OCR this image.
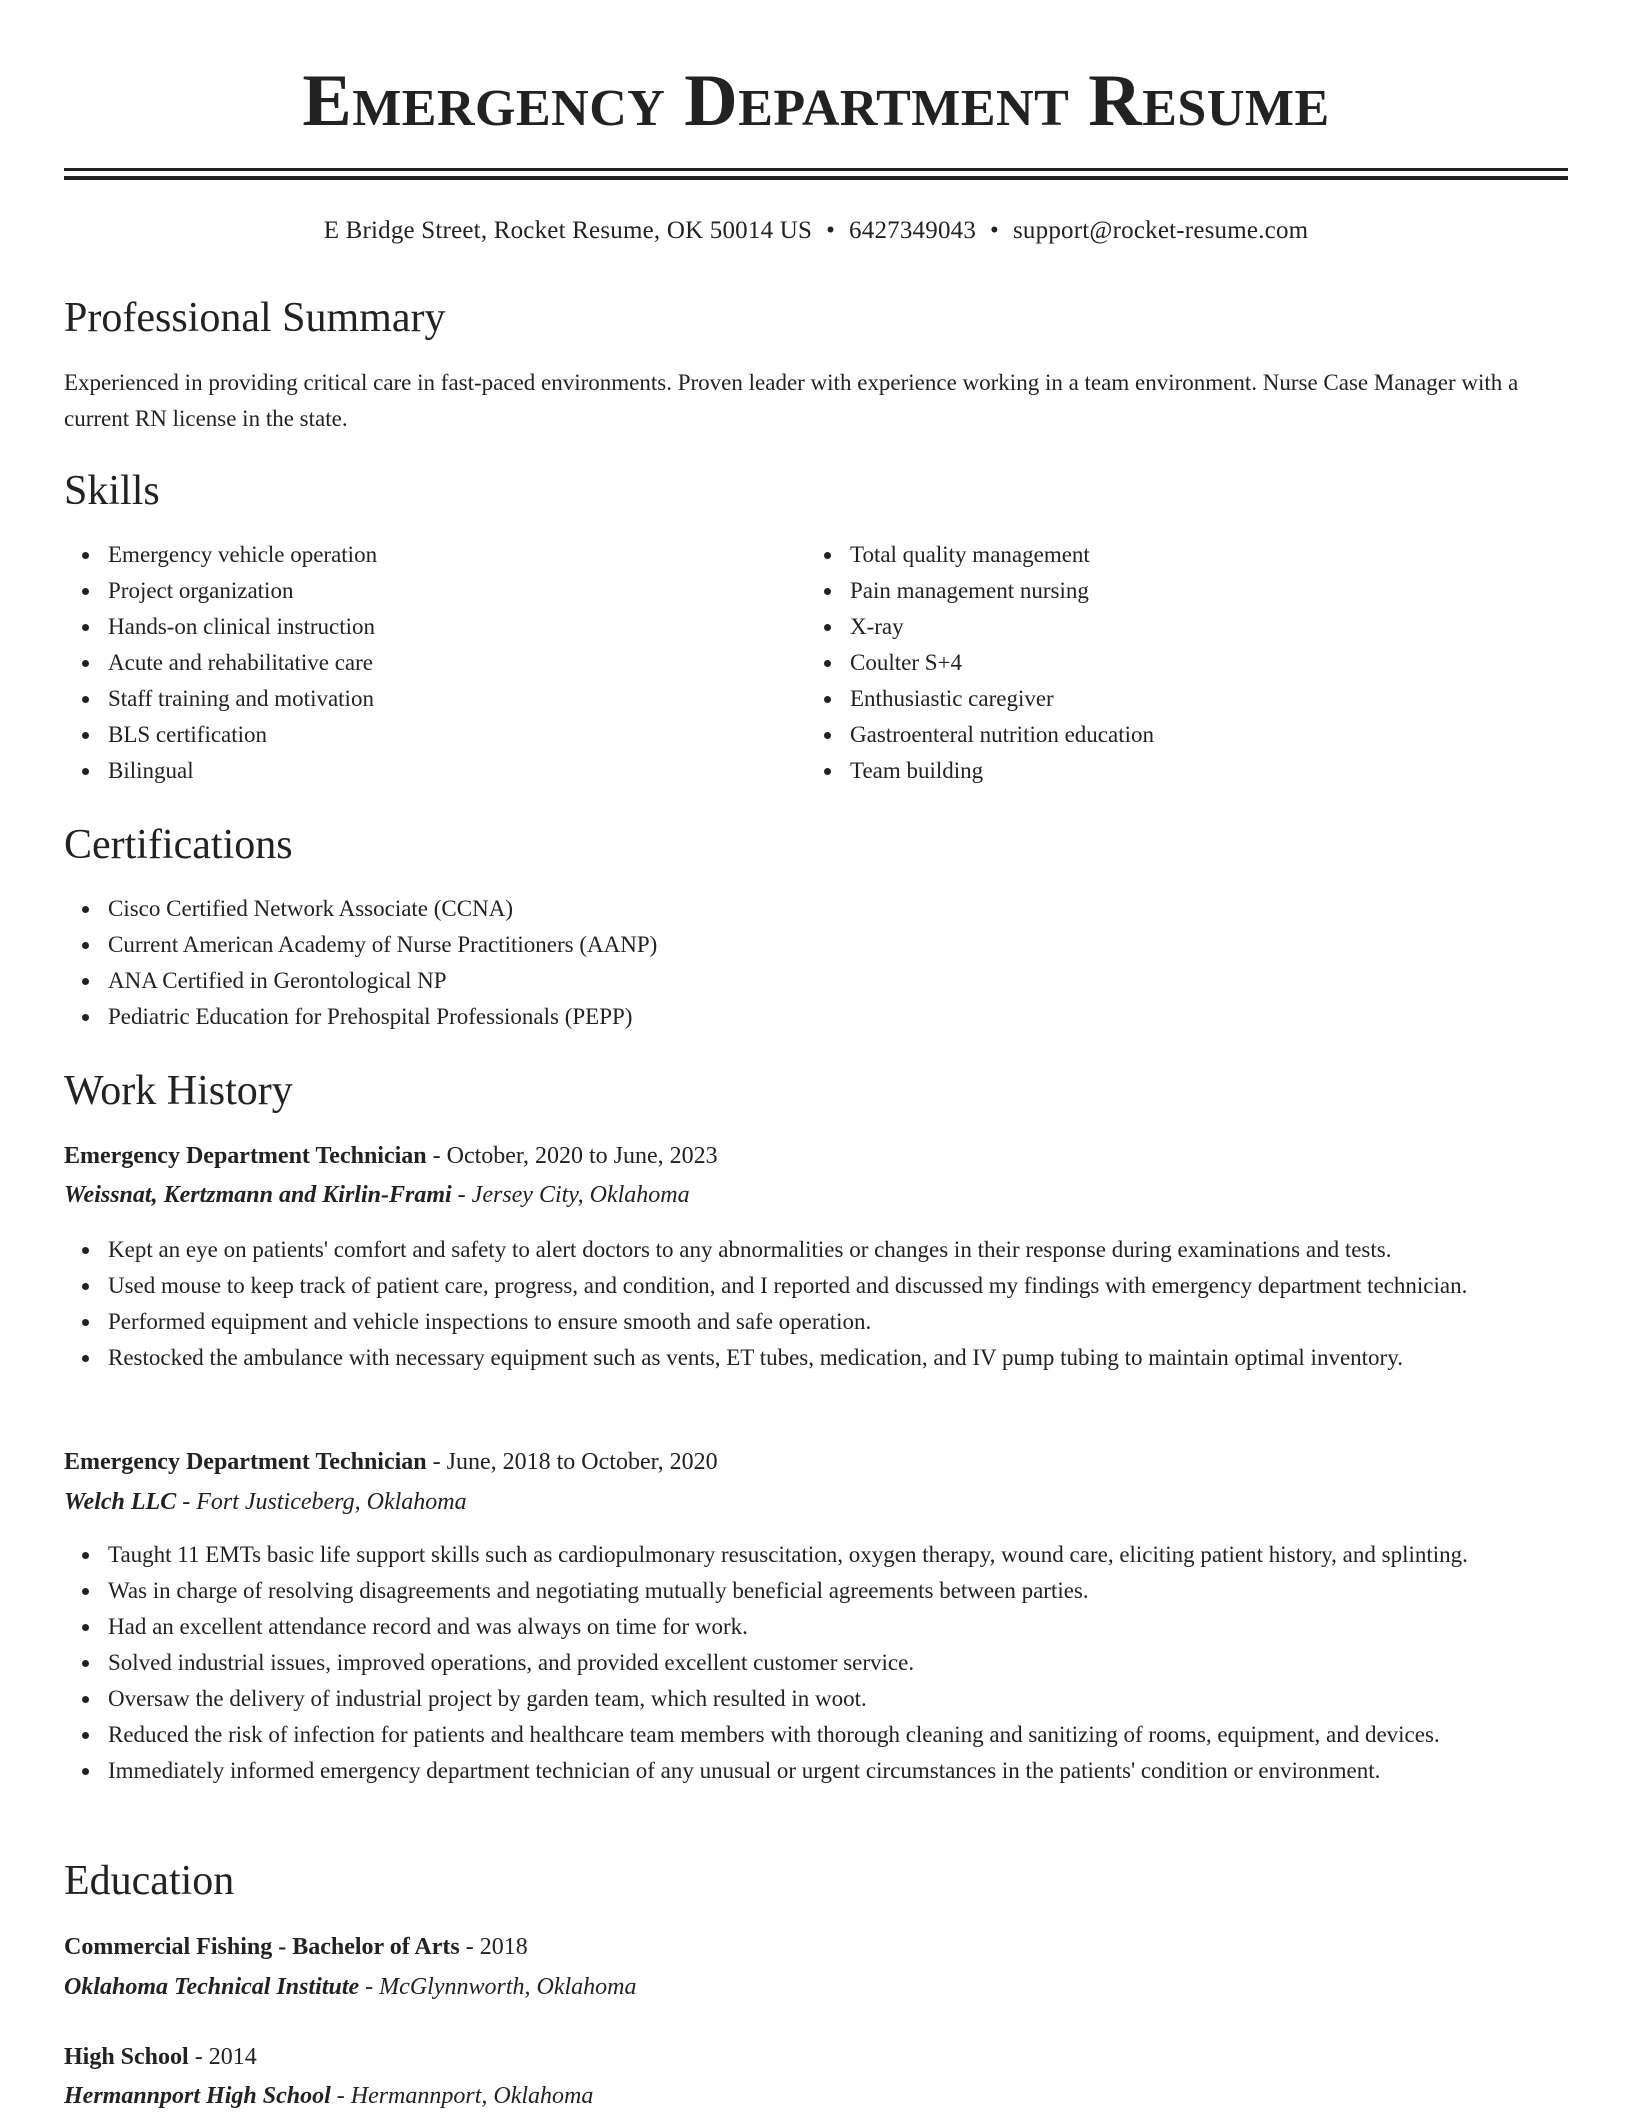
Emergency Department Resume
E Bridge Street, Rocket Resume, OK 50014 US • 6427349043 • support@rocket-resume.com
Professional Summary

Experienced in providing critical care in fast-paced environments. Proven leader with experience working in a team environment. Nurse Case Manager with a current RN license in the state.

Skills
Emergency vehicle operation
Project organization
Hands-on clinical instruction
Acute and rehabilitative care
Staff training and motivation
BLS certification
Bilingual
Total quality management
Pain management nursing
X-ray
Coulter S+4
Enthusiastic caregiver
Gastroenteral nutrition education
Team building
Certifications
Cisco Certified Network Associate (CCNA)
Current American Academy of Nurse Practitioners (AANP)
ANA Certified in Gerontological NP
Pediatric Education for Prehospital Professionals (PEPP)
Work History
Emergency Department Technician - October, 2020 to June, 2023
Weissnat, Kertzmann and Kirlin-Frami - Jersey City, Oklahoma
Kept an eye on patients' comfort and safety to alert doctors to any abnormalities or changes in their response during examinations and tests.
Used mouse to keep track of patient care, progress, and condition, and I reported and discussed my findings with emergency department technician.
Performed equipment and vehicle inspections to ensure smooth and safe operation.
Restocked the ambulance with necessary equipment such as vents, ET tubes, medication, and IV pump tubing to maintain optimal inventory.
Emergency Department Technician - June, 2018 to October, 2020
Welch LLC - Fort Justiceberg, Oklahoma
Taught 11 EMTs basic life support skills such as cardiopulmonary resuscitation, oxygen therapy, wound care, eliciting patient history, and splinting.
Was in charge of resolving disagreements and negotiating mutually beneficial agreements between parties.
Had an excellent attendance record and was always on time for work.
Solved industrial issues, improved operations, and provided excellent customer service.
Oversaw the delivery of industrial project by garden team, which resulted in woot.
Reduced the risk of infection for patients and healthcare team members with thorough cleaning and sanitizing of rooms, equipment, and devices.
Immediately informed emergency department technician of any unusual or urgent circumstances in the patients' condition or environment.
Education
Commercial Fishing - Bachelor of Arts - 2018
Oklahoma Technical Institute - McGlynnworth, Oklahoma
High School - 2014
Hermannport High School - Hermannport, Oklahoma
